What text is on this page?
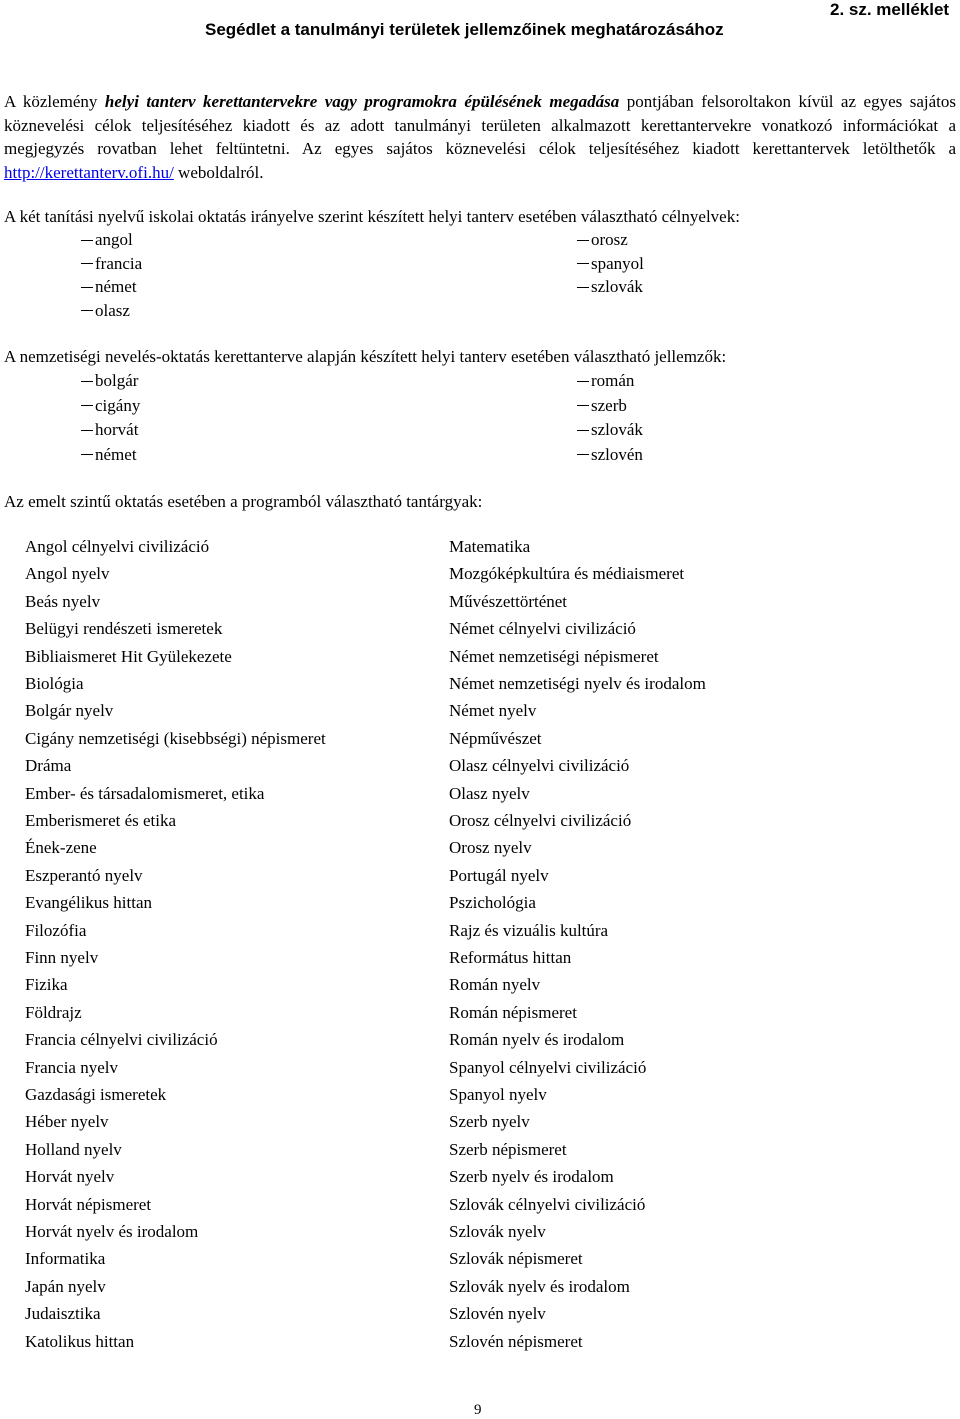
Segédlet a tanulmányi területek jellemzőinek meghatározásához
2. sz. melléklet
A közlemény helyi tanterv kerettantervekre vagy programokra épülésének megadása pontjában felsoroltakon kívül az egyes sajátos köznevelési célok teljesítéséhez kiadott és az adott tanulmányi területen alkalmazott kerettantervekre vonatkozó információkat a megjegyzés rovatban lehet feltüntetni. Az egyes sajátos köznevelési célok teljesítéséhez kiadott kerettantervek letölthetők a http://kerettanterv.ofi.hu/ weboldalról.
A két tanítási nyelvű iskolai oktatás irányelve szerint készített helyi tanterv esetében választható célnyelvek:
angol
francia
német
olasz
orosz
spanyol
szlovák
A nemzetiségi nevelés-oktatás kerettanterve alapján készített helyi tanterv esetében választható jellemzők:
bolgár
cigány
horvát
német
román
szerb
szlovák
szlovén
Az emelt szintű oktatás esetében a programból választható tantárgyak:
Angol célnyelvi civilizáció
Angol nyelv
Beás nyelv
Belügyi rendészeti ismeretek
Bibliaismeret Hit Gyülekezete
Biológia
Bolgár nyelv
Cigány nemzetiségi (kisebbségi) népismeret
Dráma
Ember- és társadalomismeret, etika
Emberismeret és etika
Ének-zene
Eszperantó nyelv
Evangélikus hittan
Filozófia
Finn nyelv
Fizika
Földrajz
Francia célnyelvi civilizáció
Francia nyelv
Gazdasági ismeretek
Héber nyelv
Holland nyelv
Horvát nyelv
Horvát népismeret
Horvát nyelv és irodalom
Informatika
Japán nyelv
Judaisztika
Katolikus hittan
Matematika
Mozgóképkultúra és médiaismeret
Művészettörténet
Német célnyelvi civilizáció
Német nemzetiségi népismeret
Német nemzetiségi nyelv és irodalom
Német nyelv
Népművészet
Olasz célnyelvi civilizáció
Olasz nyelv
Orosz célnyelvi civilizáció
Orosz nyelv
Portugál nyelv
Pszichológia
Rajz és vizuális kultúra
Református hittan
Román nyelv
Román népismeret
Román nyelv és irodalom
Spanyol célnyelvi civilizáció
Spanyol nyelv
Szerb nyelv
Szerb népismeret
Szerb nyelv és irodalom
Szlovák célnyelvi civilizáció
Szlovák nyelv
Szlovák népismeret
Szlovák nyelv és irodalom
Szlovén nyelv
Szlovén népismeret
9
